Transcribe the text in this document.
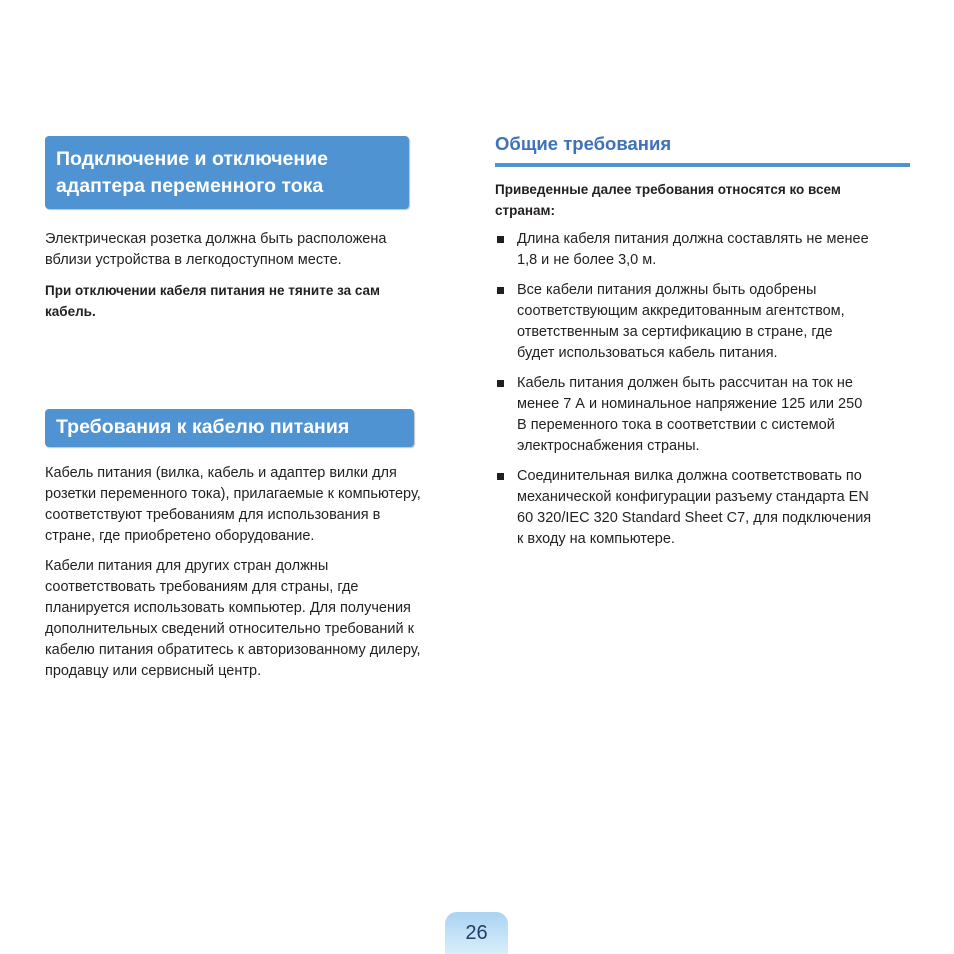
Подключение и отключение
адаптера переменного тока

Электрическая розетка должна быть расположена
вблизи устройства в легкодоступном месте.

При отключении кабеля питания не тяните за сам
кабель.

Требования к кабелю питания

Кабель питания (вилка, кабель и адаптер вилки для
розетки переменного тока), прилагаемые к компьютеру,
соответствуют требованиям для использования в
стране, где приобретено оборудование.

Кабели питания для других стран должны
соответствовать требованиям для страны, где
планируется использовать компьютер. Для получения
дополнительных сведений относительно требований к
кабелю питания обратитесь к авторизованному дилеру,
продавцу или сервисный центр.

Общие требования

Приведенные далее требования относятся ко всем
странам:

Длина кабеля питания должна составлять не менее
1,8 и не более 3,0 м.
Все кабели питания должны быть одобрены
соответствующим аккредитованным агентством,
ответственным за сертификацию в стране, где
будет использоваться кабель питания.
Кабель питания должен быть рассчитан на ток не
менее 7 А и номинальное напряжение 125 или 250
В переменного тока в соответствии с системой
электроснабжения страны.
Соединительная вилка должна соответствовать по
механической конфигурации разъему стандарта EN
60 320/IEC 320 Standard Sheet C7, для подключения
к входу на компьютере.
26
